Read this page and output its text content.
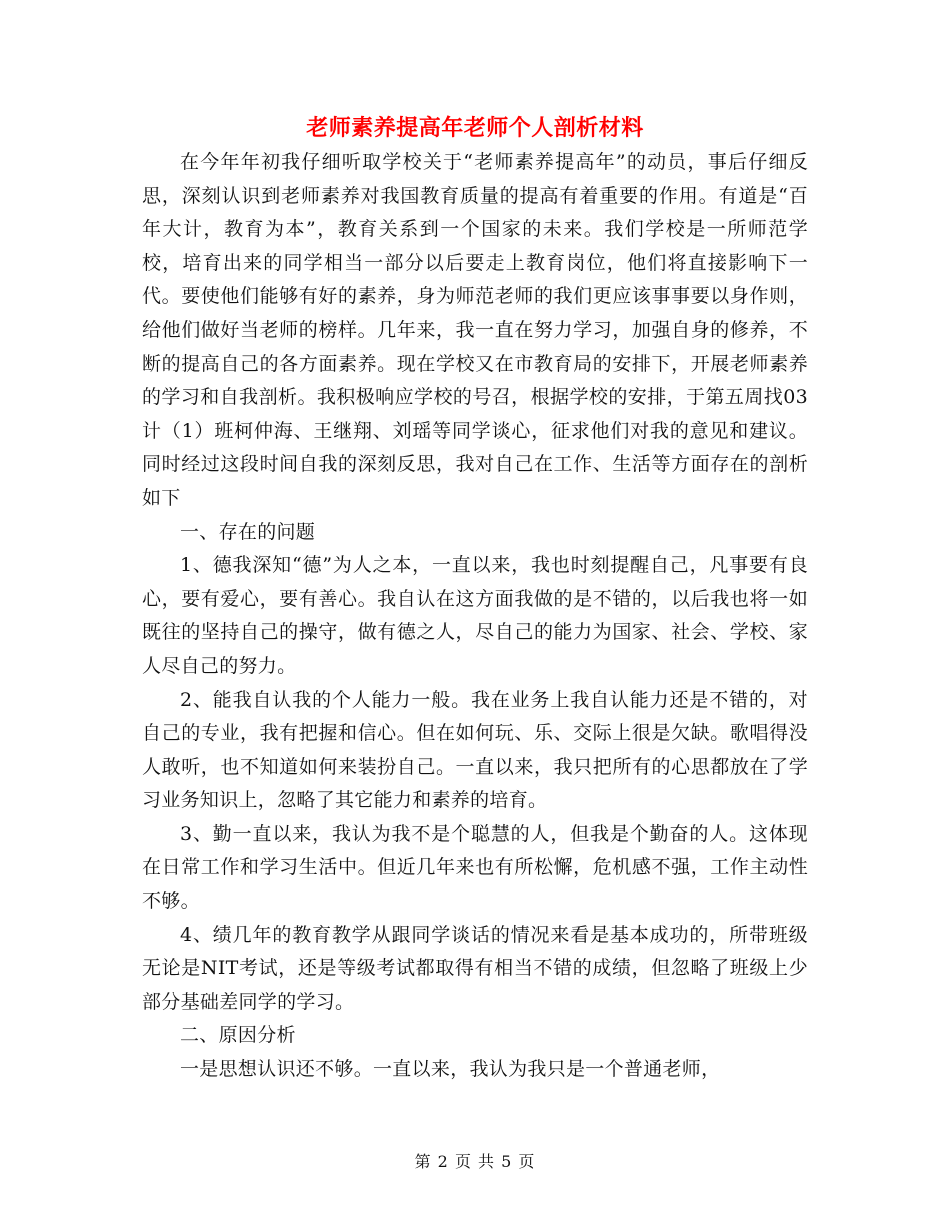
老师素养提高年老师个人剖析材料

在今年年初我仔细听取学校关于“老师素养提高年”的动员，事后仔细反思，深刻认识到老师素养对我国教育质量的提高有着重要的作用。有道是“百年大计，教育为本”，教育关系到一个国家的未来。我们学校是一所师范学校，培育出来的同学相当一部分以后要走上教育岗位，他们将直接影响下一代。要使他们能够有好的素养，身为师范老师的我们更应该事事要以身作则，给他们做好当老师的榜样。几年来，我一直在努力学习，加强自身的修养，不断的提高自己的各方面素养。现在学校又在市教育局的安排下，开展老师素养的学习和自我剖析。我积极响应学校的号召，根据学校的安排，于第五周找03计（1）班柯仲海、王继翔、刘瑶等同学谈心，征求他们对我的意见和建议。同时经过这段时间自我的深刻反思，我对自己在工作、生活等方面存在的剖析如下

一、存在的问题

1、德我深知“德”为人之本，一直以来，我也时刻提醒自己，凡事要有良心，要有爱心，要有善心。我自认在这方面我做的是不错的，以后我也将一如既往的坚持自己的操守，做有德之人，尽自己的能力为国家、社会、学校、家人尽自己的努力。

2、能我自认我的个人能力一般。我在业务上我自认能力还是不错的，对自己的专业，我有把握和信心。但在如何玩、乐、交际上很是欠缺。歌唱得没人敢听，也不知道如何来装扮自己。一直以来，我只把所有的心思都放在了学习业务知识上，忽略了其它能力和素养的培育。

3、勤一直以来，我认为我不是个聪慧的人，但我是个勤奋的人。这体现在日常工作和学习生活中。但近几年来也有所松懈，危机感不强，工作主动性不够。

4、绩几年的教育教学从跟同学谈话的情况来看是基本成功的，所带班级无论是NIT考试，还是等级考试都取得有相当不错的成绩，但忽略了班级上少部分基础差同学的学习。

二、原因分析

一是思想认识还不够。一直以来，我认为我只是一个普通老师，

第 2 页 共 5 页
